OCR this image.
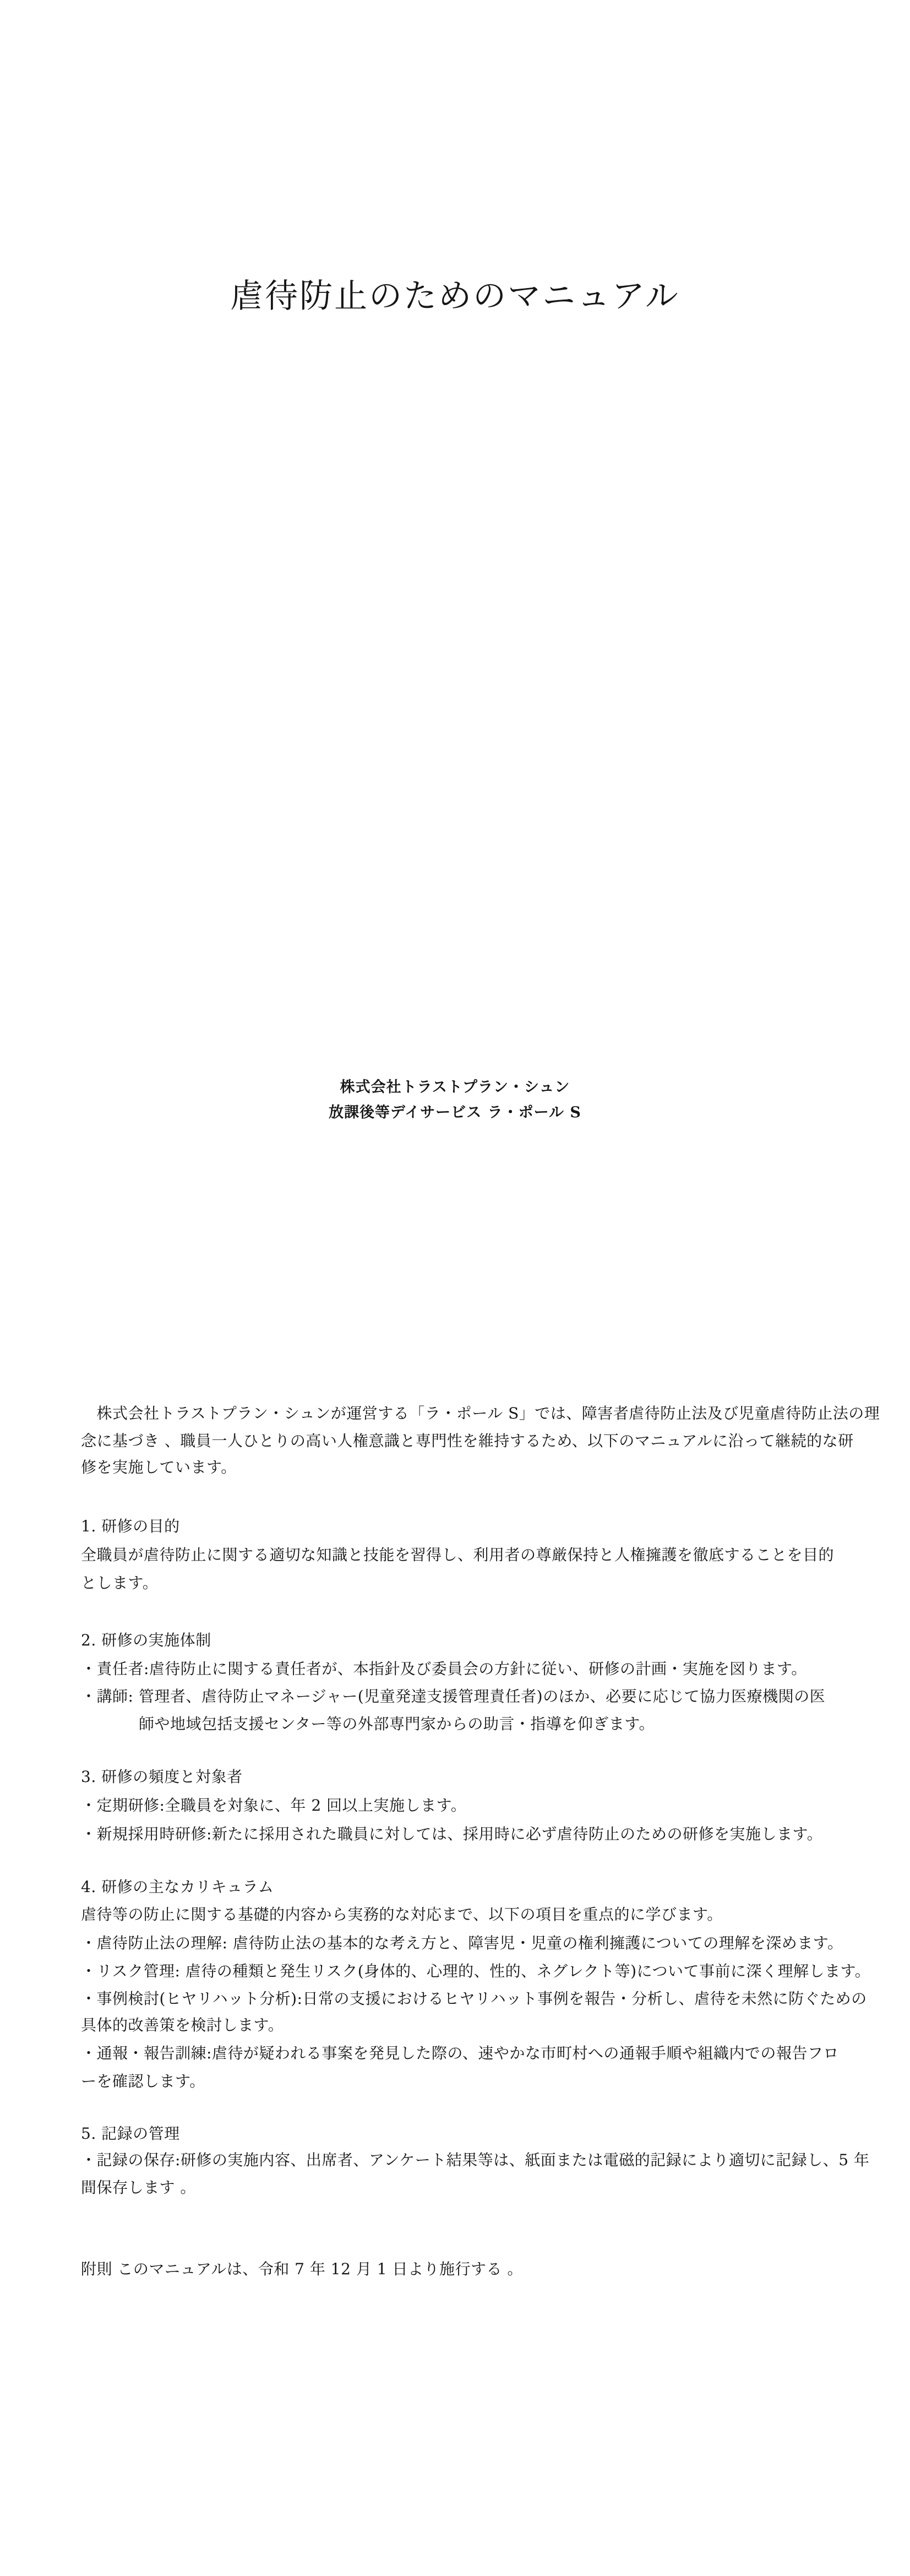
虐待防止のためのマニュアル
株式会社トラストプラン・シュン
放課後等デイサービス ラ・ポール S
　株式会社トラストプラン・シュンが運営する「ラ・ポール S」では、障害者虐待防止法及び児童虐待防止法の理
念に基づき 、職員一人ひとりの高い人権意識と専門性を維持するため、以下のマニュアルに沿って継続的な研
修を実施しています。
1. 研修の目的
全職員が虐待防止に関する適切な知識と技能を習得し、利用者の尊厳保持と人権擁護を徹底することを目的
とします。
2. 研修の実施体制
・責任者:虐待防止に関する責任者が、本指針及び委員会の方針に従い、研修の計画・実施を図ります。
・講師: 管理者、虐待防止マネージャー(児童発達支援管理責任者)のほか、必要に応じて協力医療機関の医
師や地域包括支援センター等の外部専門家からの助言・指導を仰ぎます。
3. 研修の頻度と対象者
・定期研修:全職員を対象に、年 2 回以上実施します。
・新規採用時研修:新たに採用された職員に対しては、採用時に必ず虐待防止のための研修を実施します。
4. 研修の主なカリキュラム
虐待等の防止に関する基礎的内容から実務的な対応まで、以下の項目を重点的に学びます。
・虐待防止法の理解: 虐待防止法の基本的な考え方と、障害児・児童の権利擁護についての理解を深めます。
・リスク管理: 虐待の種類と発生リスク(身体的、心理的、性的、ネグレクト等)について事前に深く理解します。
・事例検討(ヒヤリハット分析):日常の支援におけるヒヤリハット事例を報告・分析し、虐待を未然に防ぐための
具体的改善策を検討します。
・通報・報告訓練:虐待が疑われる事案を発見した際の、速やかな市町村への通報手順や組織内での報告フロ
ーを確認します。
5. 記録の管理
・記録の保存:研修の実施内容、出席者、アンケート結果等は、紙面または電磁的記録により適切に記録し、5 年
間保存します 。
附則 このマニュアルは、令和 7 年 12 月 1 日より施行する 。
